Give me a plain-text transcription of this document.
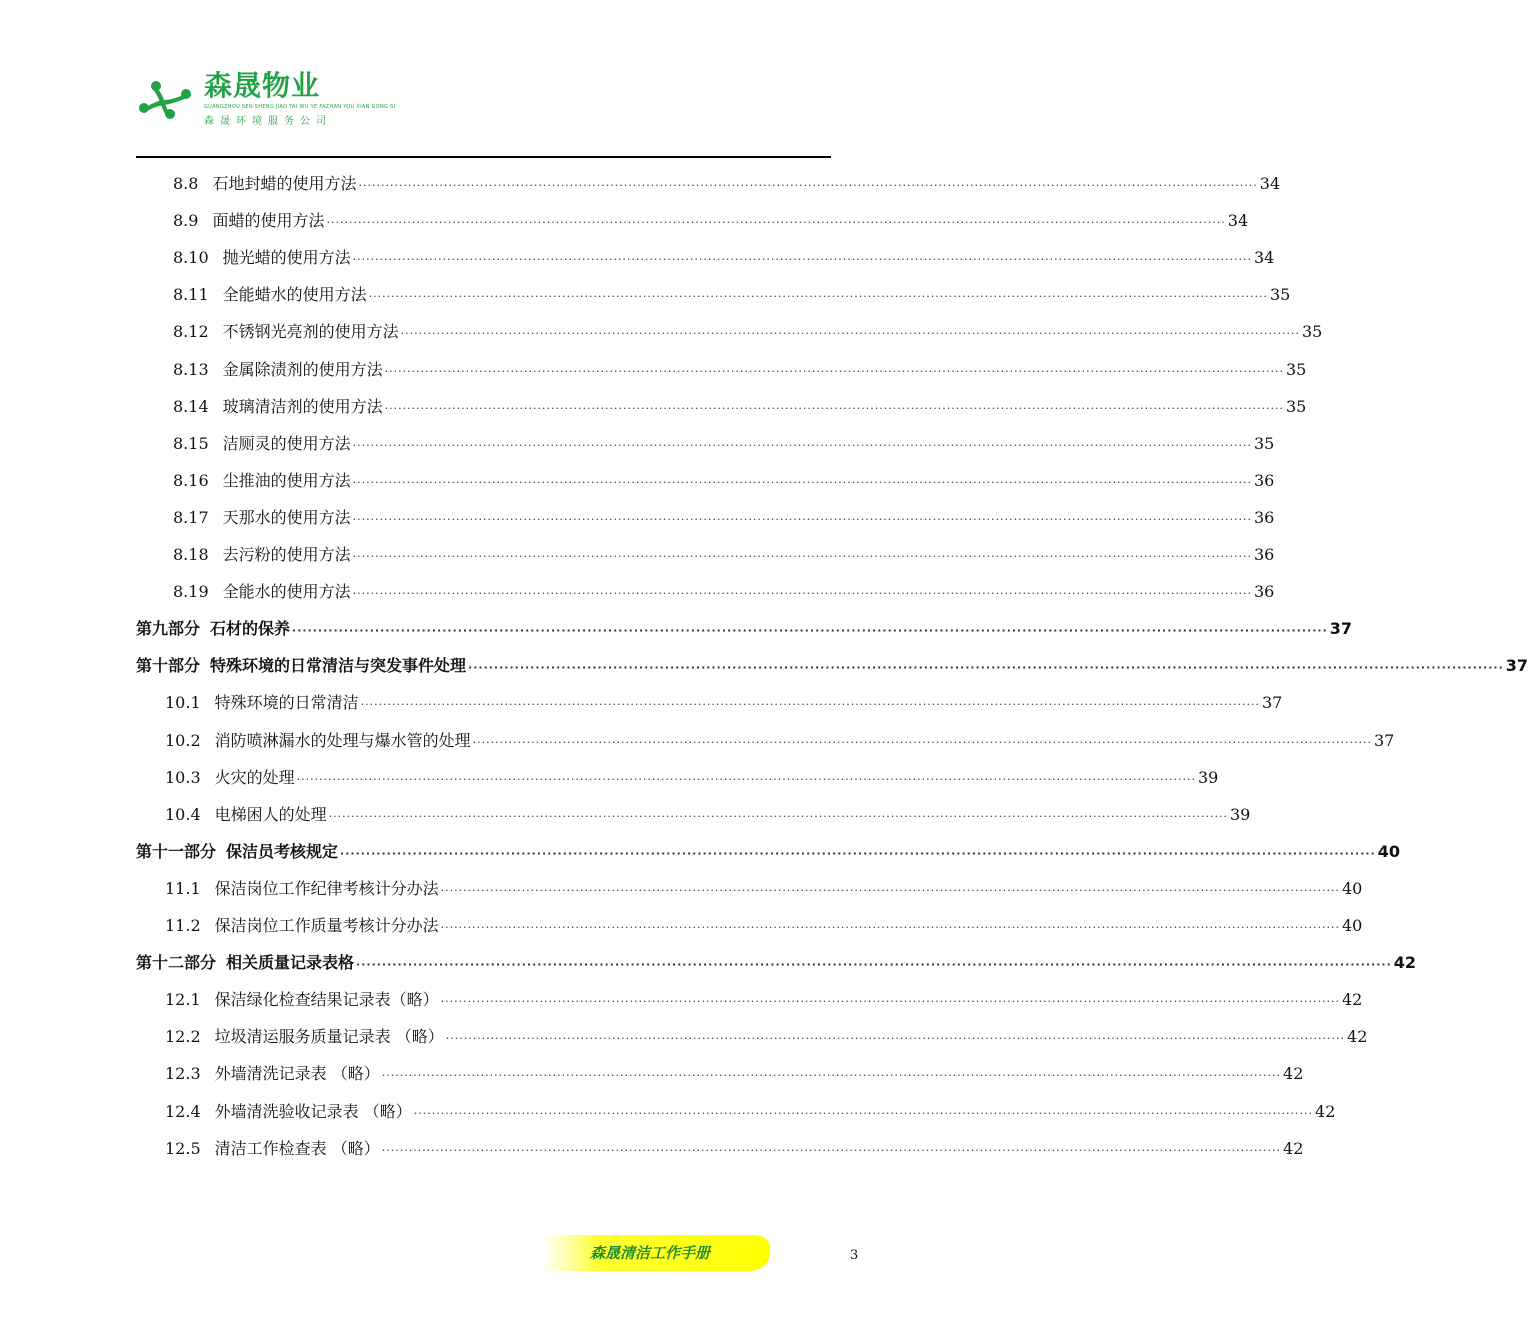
森晟物业
GUANGZHOU SEN SHENG JIAO TAI WU YE FAZHAN YOU XIAN GONG SI
森晟环境服务公司
8.8 石地封蜡的使用方法 ········································································································································································································ 34
8.9 面蜡的使用方法 ········································································································································································································ 34
8.10 抛光蜡的使用方法 ········································································································································································································ 34
8.11 全能蜡水的使用方法 ········································································································································································································ 35
8.12 不锈钢光亮剂的使用方法 ········································································································································································································ 35
8.13 金属除渍剂的使用方法 ········································································································································································································ 35
8.14 玻璃清洁剂的使用方法 ········································································································································································································ 35
8.15 洁厕灵的使用方法 ········································································································································································································ 35
8.16 尘推油的使用方法 ········································································································································································································ 36
8.17 天那水的使用方法 ········································································································································································································ 36
8.18 去污粉的使用方法 ········································································································································································································ 36
8.19 全能水的使用方法 ········································································································································································································ 36
第九部分 石材的保养 ········································································································································································································ 37
第十部分 特殊环境的日常清洁与突发事件处理 ········································································································································································································ 37
10.1 特殊环境的日常清洁 ········································································································································································································ 37
10.2 消防喷淋漏水的处理与爆水管的处理 ········································································································································································································ 37
10.3 火灾的处理 ········································································································································································································ 39
10.4 电梯困人的处理 ········································································································································································································ 39
第十一部分 保洁员考核规定 ········································································································································································································ 40
11.1 保洁岗位工作纪律考核计分办法 ········································································································································································································ 40
11.2 保洁岗位工作质量考核计分办法 ········································································································································································································ 40
第十二部分 相关质量记录表格 ········································································································································································································ 42
12.1 保洁绿化检查结果记录表（略） ········································································································································································································ 42
12.2 垃圾清运服务质量记录表 （略） ········································································································································································································ 42
12.3 外墙清洗记录表 （略） ········································································································································································································ 42
12.4 外墙清洗验收记录表 （略） ········································································································································································································ 42
12.5 清洁工作检查表 （略） ········································································································································································································ 42
森晟清洁工作手册	3
